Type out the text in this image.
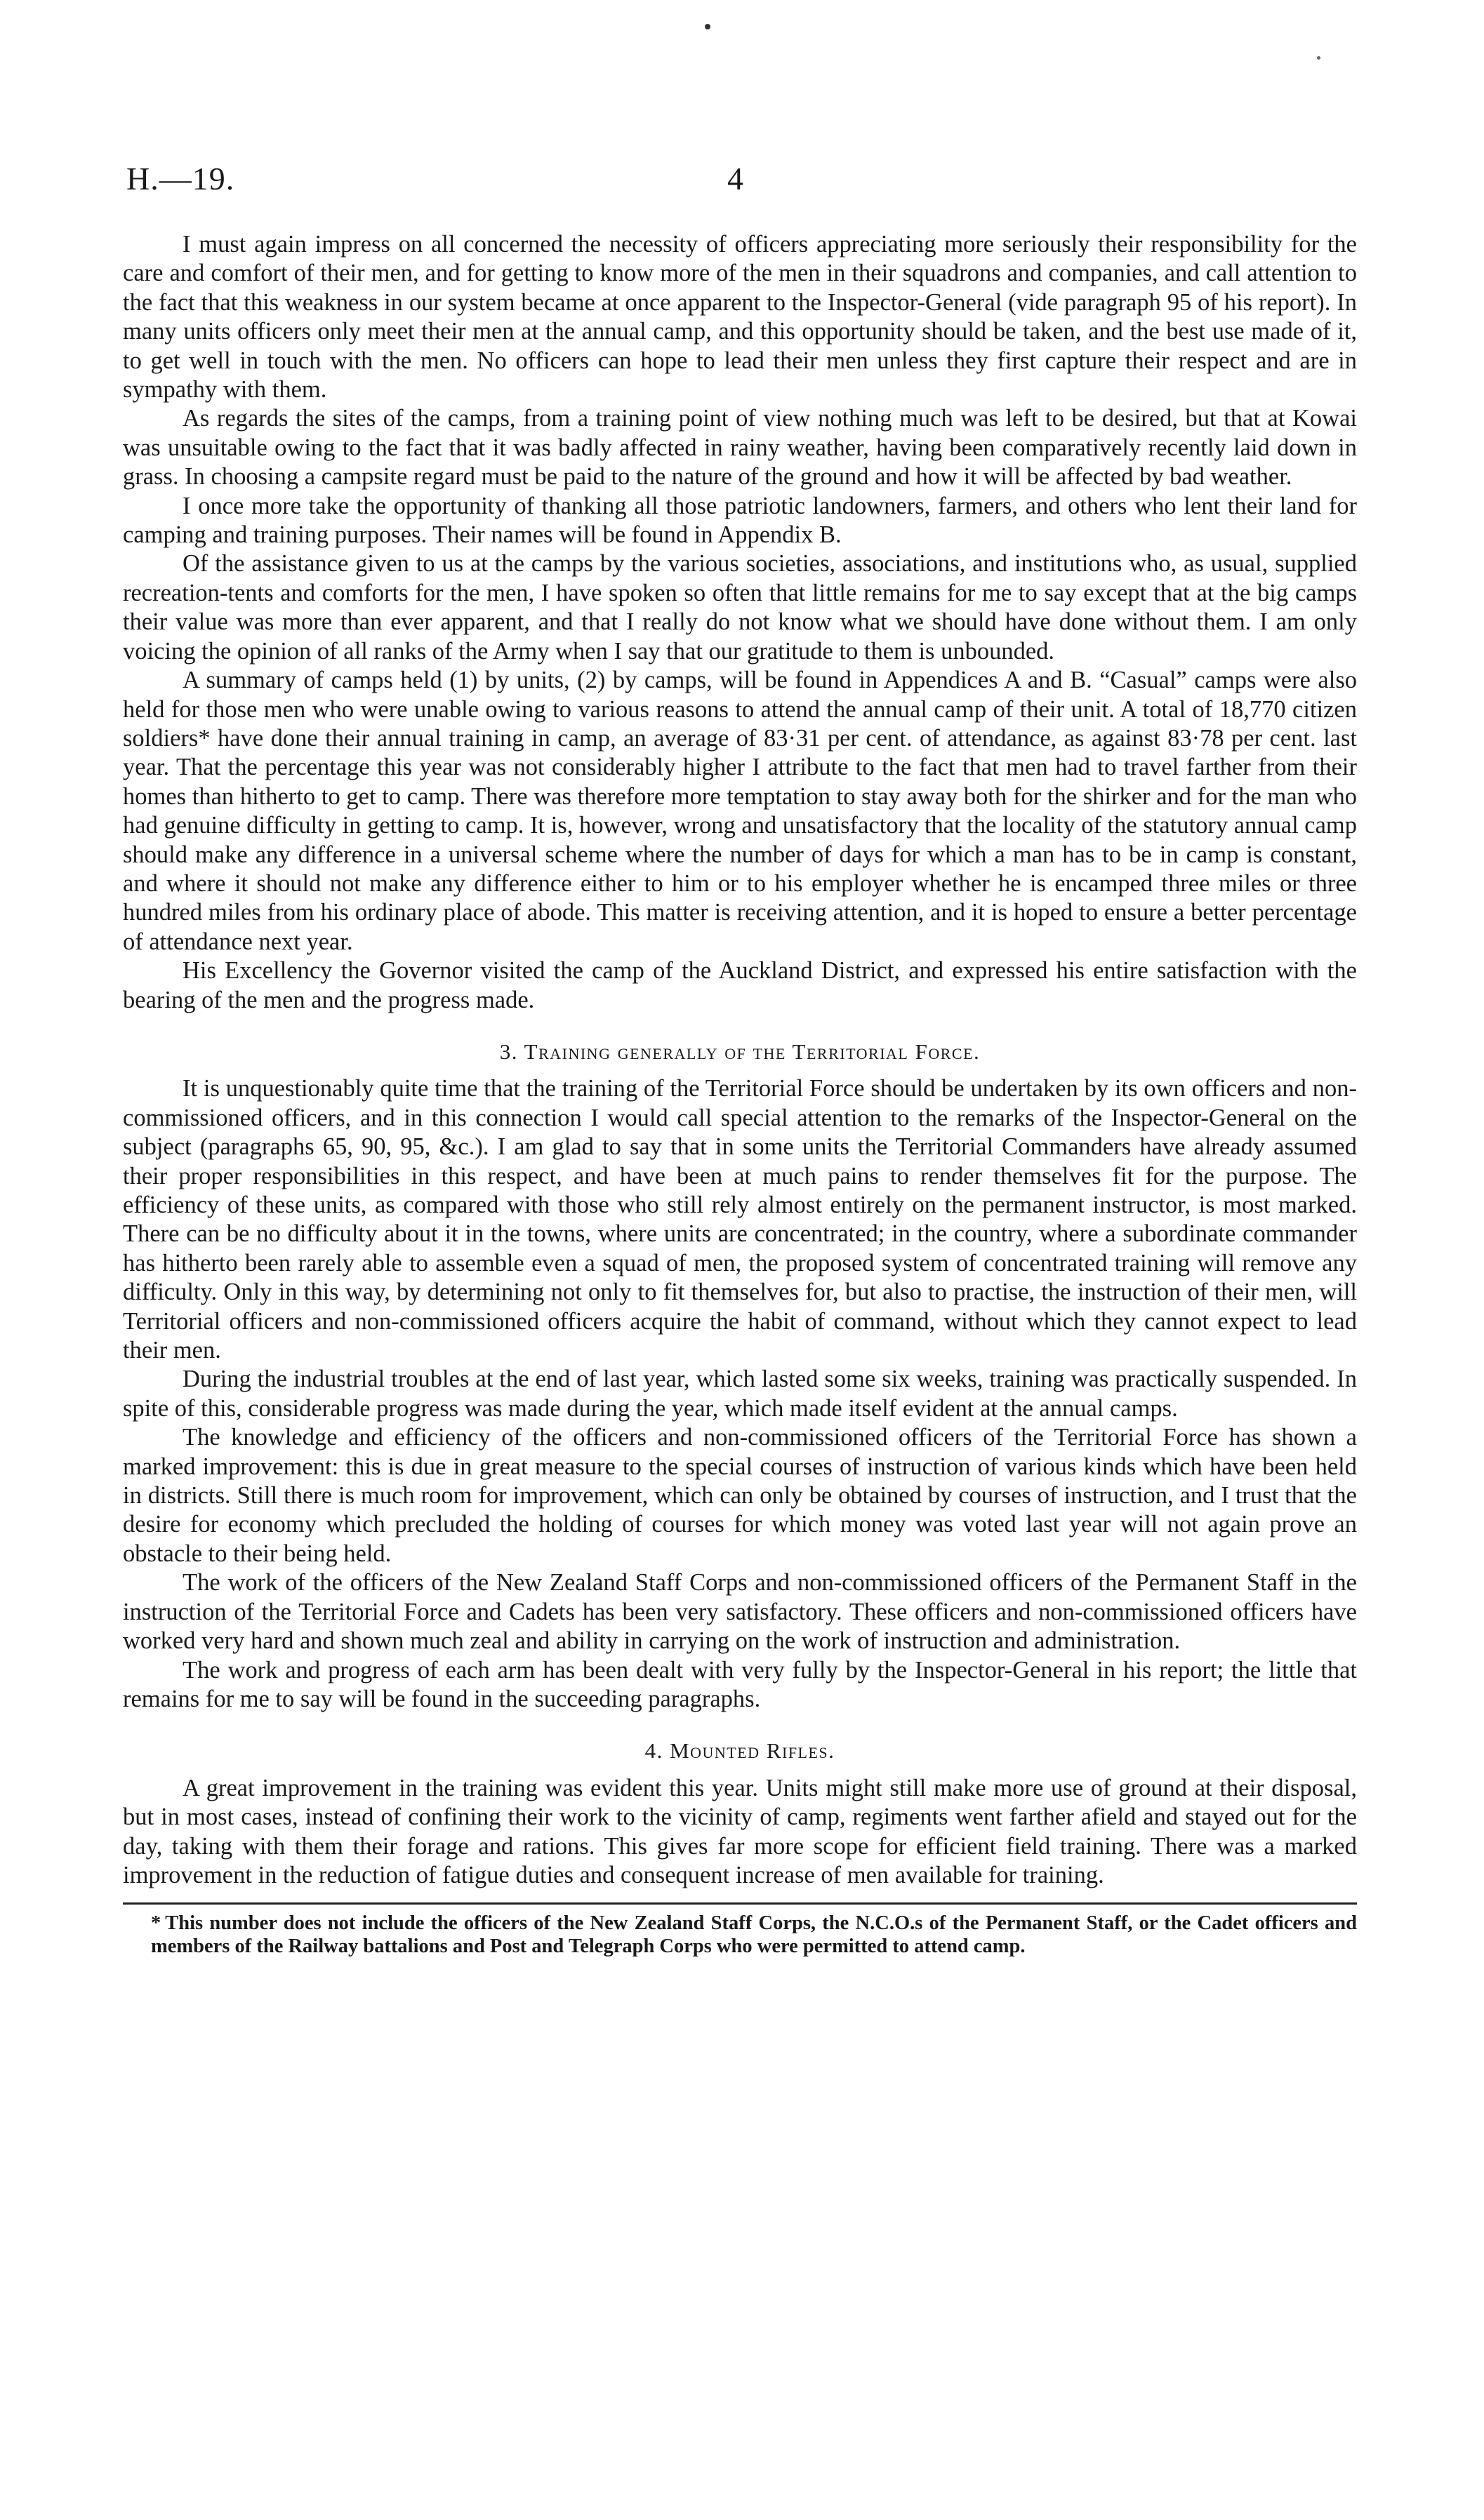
H.—19.	4

I must again impress on all concerned the necessity of officers appreciating more seriously their responsibility for the care and comfort of their men, and for getting to know more of the men in their squadrons and companies, and call attention to the fact that this weakness in our system became at once apparent to the Inspector-General (vide paragraph 95 of his report). In many units officers only meet their men at the annual camp, and this opportunity should be taken, and the best use made of it, to get well in touch with the men. No officers can hope to lead their men unless they first capture their respect and are in sympathy with them.

As regards the sites of the camps, from a training point of view nothing much was left to be desired, but that at Kowai was unsuitable owing to the fact that it was badly affected in rainy weather, having been comparatively recently laid down in grass. In choosing a campsite regard must be paid to the nature of the ground and how it will be affected by bad weather.

I once more take the opportunity of thanking all those patriotic landowners, farmers, and others who lent their land for camping and training purposes. Their names will be found in Appendix B.

Of the assistance given to us at the camps by the various societies, associations, and institutions who, as usual, supplied recreation-tents and comforts for the men, I have spoken so often that little remains for me to say except that at the big camps their value was more than ever apparent, and that I really do not know what we should have done without them. I am only voicing the opinion of all ranks of the Army when I say that our gratitude to them is unbounded.

A summary of camps held (1) by units, (2) by camps, will be found in Appendices A and B. “Casual” camps were also held for those men who were unable owing to various reasons to attend the annual camp of their unit. A total of 18,770 citizen soldiers* have done their annual training in camp, an average of 83·31 per cent. of attendance, as against 83·78 per cent. last year. That the percentage this year was not considerably higher I attribute to the fact that men had to travel farther from their homes than hitherto to get to camp. There was therefore more temptation to stay away both for the shirker and for the man who had genuine difficulty in getting to camp. It is, however, wrong and unsatisfactory that the locality of the statutory annual camp should make any difference in a universal scheme where the number of days for which a man has to be in camp is constant, and where it should not make any difference either to him or to his employer whether he is encamped three miles or three hundred miles from his ordinary place of abode. This matter is receiving attention, and it is hoped to ensure a better percentage of attendance next year.

His Excellency the Governor visited the camp of the Auckland District, and expressed his entire satisfaction with the bearing of the men and the progress made.

3. Training generally of the Territorial Force.

It is unquestionably quite time that the training of the Territorial Force should be undertaken by its own officers and non-commissioned officers, and in this connection I would call special attention to the remarks of the Inspector-General on the subject (paragraphs 65, 90, 95, &c.). I am glad to say that in some units the Territorial Commanders have already assumed their proper responsibilities in this respect, and have been at much pains to render themselves fit for the purpose. The efficiency of these units, as compared with those who still rely almost entirely on the permanent instructor, is most marked. There can be no difficulty about it in the towns, where units are concentrated; in the country, where a subordinate commander has hitherto been rarely able to assemble even a squad of men, the proposed system of concentrated training will remove any difficulty. Only in this way, by determining not only to fit themselves for, but also to practise, the instruction of their men, will Territorial officers and non-commissioned officers acquire the habit of command, without which they cannot expect to lead their men.

During the industrial troubles at the end of last year, which lasted some six weeks, training was practically suspended. In spite of this, considerable progress was made during the year, which made itself evident at the annual camps.

The knowledge and efficiency of the officers and non-commissioned officers of the Territorial Force has shown a marked improvement: this is due in great measure to the special courses of instruction of various kinds which have been held in districts. Still there is much room for improvement, which can only be obtained by courses of instruction, and I trust that the desire for economy which precluded the holding of courses for which money was voted last year will not again prove an obstacle to their being held.

The work of the officers of the New Zealand Staff Corps and non-commissioned officers of the Permanent Staff in the instruction of the Territorial Force and Cadets has been very satisfactory. These officers and non-commissioned officers have worked very hard and shown much zeal and ability in carrying on the work of instruction and administration.

The work and progress of each arm has been dealt with very fully by the Inspector-General in his report; the little that remains for me to say will be found in the succeeding paragraphs.

4. Mounted Rifles.

A great improvement in the training was evident this year. Units might still make more use of ground at their disposal, but in most cases, instead of confining their work to the vicinity of camp, regiments went farther afield and stayed out for the day, taking with them their forage and rations. This gives far more scope for efficient field training. There was a marked improvement in the reduction of fatigue duties and consequent increase of men available for training.

* This number does not include the officers of the New Zealand Staff Corps, the N.C.O.s of the Permanent Staff, or the Cadet officers and members of the Railway battalions and Post and Telegraph Corps who were permitted to attend camp.
